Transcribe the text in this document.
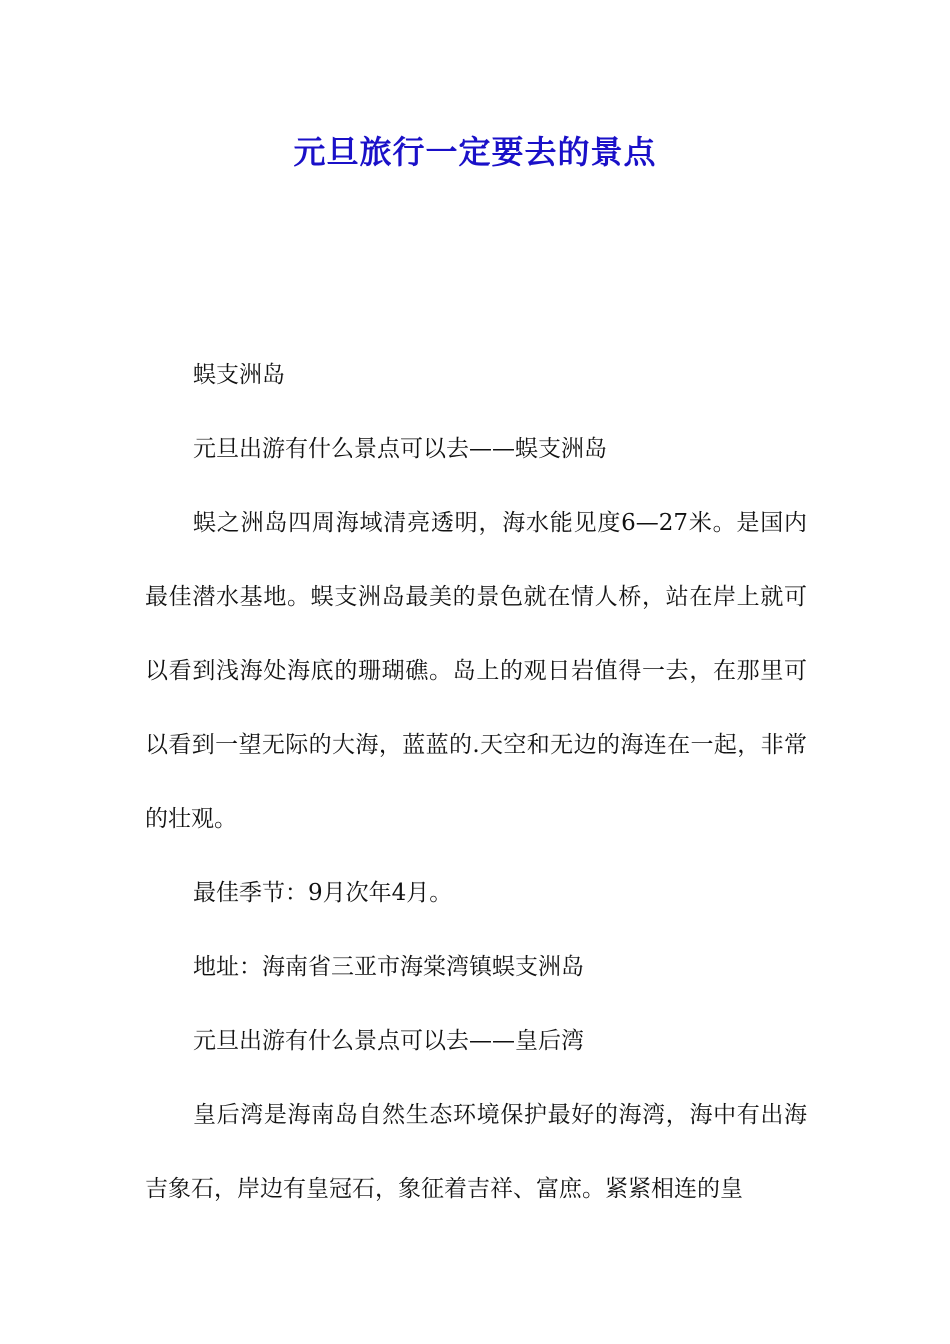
元旦旅行一定要去的景点

蜈支洲岛

元旦出游有什么景点可以去——蜈支洲岛

蜈之洲岛四周海域清亮透明，海水能见度6—27米。是国内最佳潜水基地。蜈支洲岛最美的景色就在情人桥，站在岸上就可以看到浅海处海底的珊瑚礁。岛上的观日岩值得一去，在那里可以看到一望无际的大海，蓝蓝的.天空和无边的海连在一起，非常的壮观。

最佳季节：9月次年4月。

地址：海南省三亚市海棠湾镇蜈支洲岛

元旦出游有什么景点可以去——皇后湾

皇后湾是海南岛自然生态环境保护最好的海湾，海中有出海吉象石，岸边有皇冠石，象征着吉祥、富庶。紧紧相连的皇
